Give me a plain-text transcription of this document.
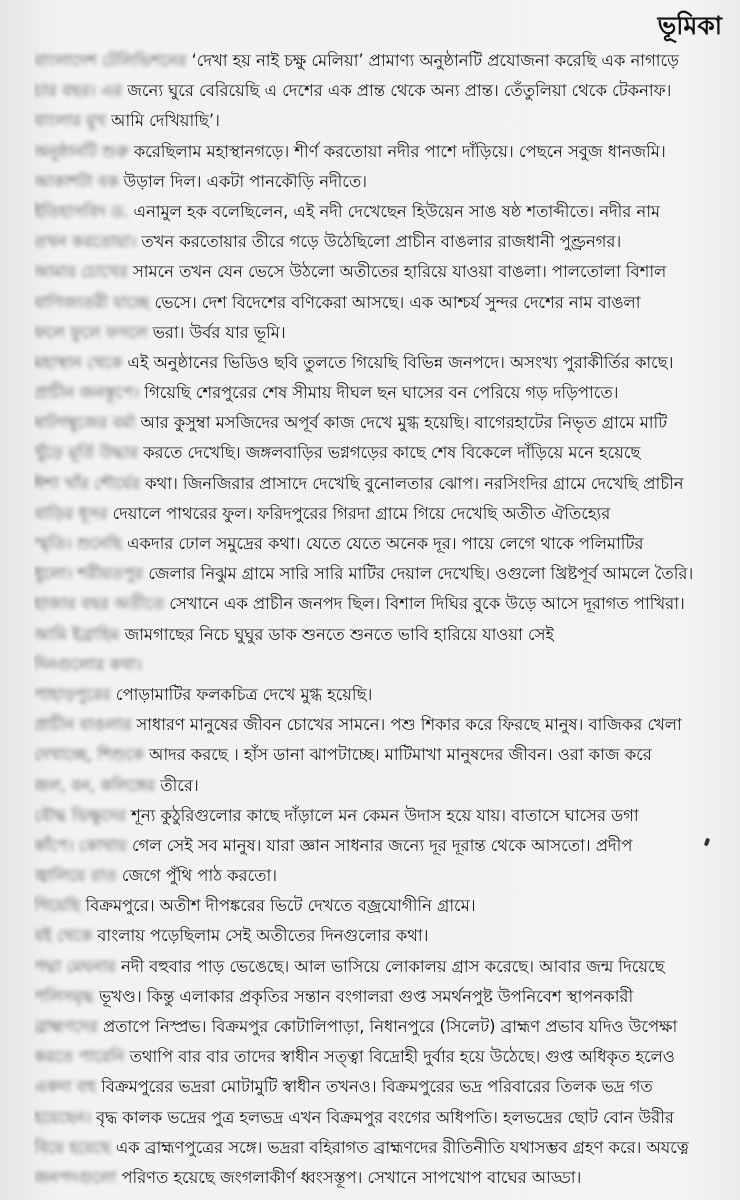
ভূমিকা
বাংলাদেশ টেলিভিশনের ‘দেখা হয় নাই চক্ষু মেলিয়া’ প্রামাণ্য অনুষ্ঠানটি প্রযোজনা করেছি এক নাগাড়ে
চার বছর। এর জন্যে ঘুরে বেরিয়েছি এ দেশের এক প্রান্ত থেকে অন্য প্রান্ত। তেঁতুলিয়া থেকে টেকনাফ।
বাংলার মুখ আমি দেখিয়াছি’।
অনুষ্ঠানটি শুরু করেছিলাম মহাস্থানগড়ে। শীর্ণ করতোয়া নদীর পাশে দাঁড়িয়ে। পেছনে সবুজ ধানজমি।
আকাশটা বক উড়াল দিল। একটা পানকৌড়ি নদীতে।
ইতিহাসবিদ ড. এনামুল হক বলেছিলেন, এই নদী দেখেছেন হিউয়েন সাঙ ষষ্ঠ শতাব্দীতে। নদীর নাম
তখন করতোয়া। তখন করতোয়ার তীরে গড়ে উঠেছিলো প্রাচীন বাঙলার রাজধানী পুণ্ড্রনগর।
আমার চোখের সামনে তখন যেন ভেসে উঠলো অতীতের হারিয়ে যাওয়া বাঙলা। পালতোলা বিশাল
বাণিজ্যতরী যাচ্ছে ভেসে। দেশ বিদেশের বণিকেরা আসছে। এক আশ্চর্য সুন্দর দেশের নাম বাঙলা
ফলে ফুলে ফসলে ভরা। উর্বর যার ভূমি।
মহাস্থান থেকে এই অনুষ্ঠানের ভিডিও ছবি তুলতে গিয়েছি বিভিন্ন জনপদে। অসংখ্য পুরাকীর্তির কাছে।
প্রাচীন জনস্তূপে। গিয়েছি শেরপুরের শেষ সীমায় দীঘল ছন ঘাসের বন পেরিয়ে গড় দড়িপাতে।
ষাটগম্বুজের বর্মা আর কুসুম্বা মসজিদের অপূর্ব কাজ দেখে মুগ্ধ হয়েছি। বাগেরহাটের নিভৃত গ্রামে মাটি
খুঁড়ে মূর্তি উদ্ধার করতে দেখেছি। জঙ্গলবাড়ির ভগ্নগড়ের কাছে শেষ বিকেলে দাঁড়িয়ে মনে হয়েছে
ঈশা খাঁর শৌর্যের কথা। জিনজিরার প্রাসাদে দেখেছি বুনোলতার ঝোপ। নরসিংদির গ্রামে দেখেছি প্রাচীন
বাড়ির ধূসর দেয়ালে পাথরের ফুল। ফরিদপুরের গিরদা গ্রামে গিয়ে দেখেছি অতীত ঐতিহ্যের
স্মৃতি। শুনেছি একদার ঢোল সমুদ্রের কথা। যেতে যেতে অনেক দূর। পায়ে লেগে থাকে পলিমাটির
ধুলো। শরীয়তপুর জেলার নিঝুম গ্রামে সারি সারি মাটির দেয়াল দেখেছি। ওগুলো খ্রিষ্টপূর্ব আমলে তৈরি।
হাজার বছর অতীতে সেখানে এক প্রাচীন জনপদ ছিল। বিশাল দিঘির বুকে উড়ে আসে দূরাগত পাখিরা।
আমি ইব্রাহিম জামগাছের নিচে ঘুঘুর ডাক শুনতে শুনতে ভাবি হারিয়ে যাওয়া সেই
দিনগুলোর কথা।
পাহাড়পুরের পোড়ামাটির ফলকচিত্র দেখে মুগ্ধ হয়েছি।
প্রাচীন বাঙলার সাধারণ মানুষের জীবন চোখের সামনে। পশু শিকার করে ফিরছে মানুষ। বাজিকর খেলা
দেখাচ্ছে, শিশুকে আদর করছে । হাঁস ডানা ঝাপটাচ্ছে। মাটিমাখা মানুষদের জীবন। ওরা কাজ করে
জল, বন, কলিঙ্গের তীরে।
বৌদ্ধ ভিক্ষুদের শূন্য কুঠুরিগুলোর কাছে দাঁড়ালে মন কেমন উদাস হয়ে যায়। বাতাসে ঘাসের ডগা
কাঁপে। কোথায় গেল সেই সব মানুষ। যারা জ্ঞান সাধনার জন্যে দূর দূরান্ত থেকে আসতো। প্রদীপ
জ্বালিয়ে রাত জেগে পুঁথি পাঠ করতো।
গিয়েছি বিক্রমপুরে। অতীশ দীপঙ্করের ভিটে দেখতে বজ্রযোগীনি গ্রামে।
বই থেকে বাংলায় পড়েছিলাম সেই অতীতের দিনগুলোর কথা।
পদ্মা মেঘনার নদী বহুবার পাড় ভেঙেছে। আল ভাসিয়ে লোকালয় গ্রাস করেছে। আবার জন্ম দিয়েছে
পলিসমৃদ্ধ ভূখণ্ড। কিন্তু এলাকার প্রকৃতির সন্তান বংগালরা গুপ্ত সমর্থনপুষ্ট উপনিবেশ স্থাপনকারী
ব্রাহ্মণদের প্রতাপে নিস্প্রভ। বিক্রমপুর কোটালিপাড়া, নিধানপুরে (সিলেট) ব্রাহ্মণ প্রভাব যদিও উপেক্ষা
করতে পারেনি তথাপি বার বার তাদের স্বাধীন সত্ত্বা বিদ্রোহী দুর্বার হয়ে উঠেছে। গুপ্ত অধিকৃত হলেও
একদা বহু বিক্রমপুরের ভদ্ররা মোটামুটি স্বাধীন তখনও। বিক্রমপুরের ভদ্র পরিবারের তিলক ভদ্র গত
হয়েছেন। বৃদ্ধ কালক ভদ্রের পুত্র হলভদ্র এখন বিক্রমপুর বংগের অধিপতি। হলভদ্রের ছোট বোন উরীর
বিয়ে হয়েছে এক ব্রাহ্মণপুত্রের সঙ্গে। ভদ্ররা বহিরাগত ব্রাহ্মণদের রীতিনীতি যথাসম্ভব গ্রহণ করে। অযত্নে
জনপদগুলো পরিণত হয়েছে জংগলাকীর্ণ ধ্বংসস্তূপ। সেখানে সাপখোপ বাঘের আড্ডা।
